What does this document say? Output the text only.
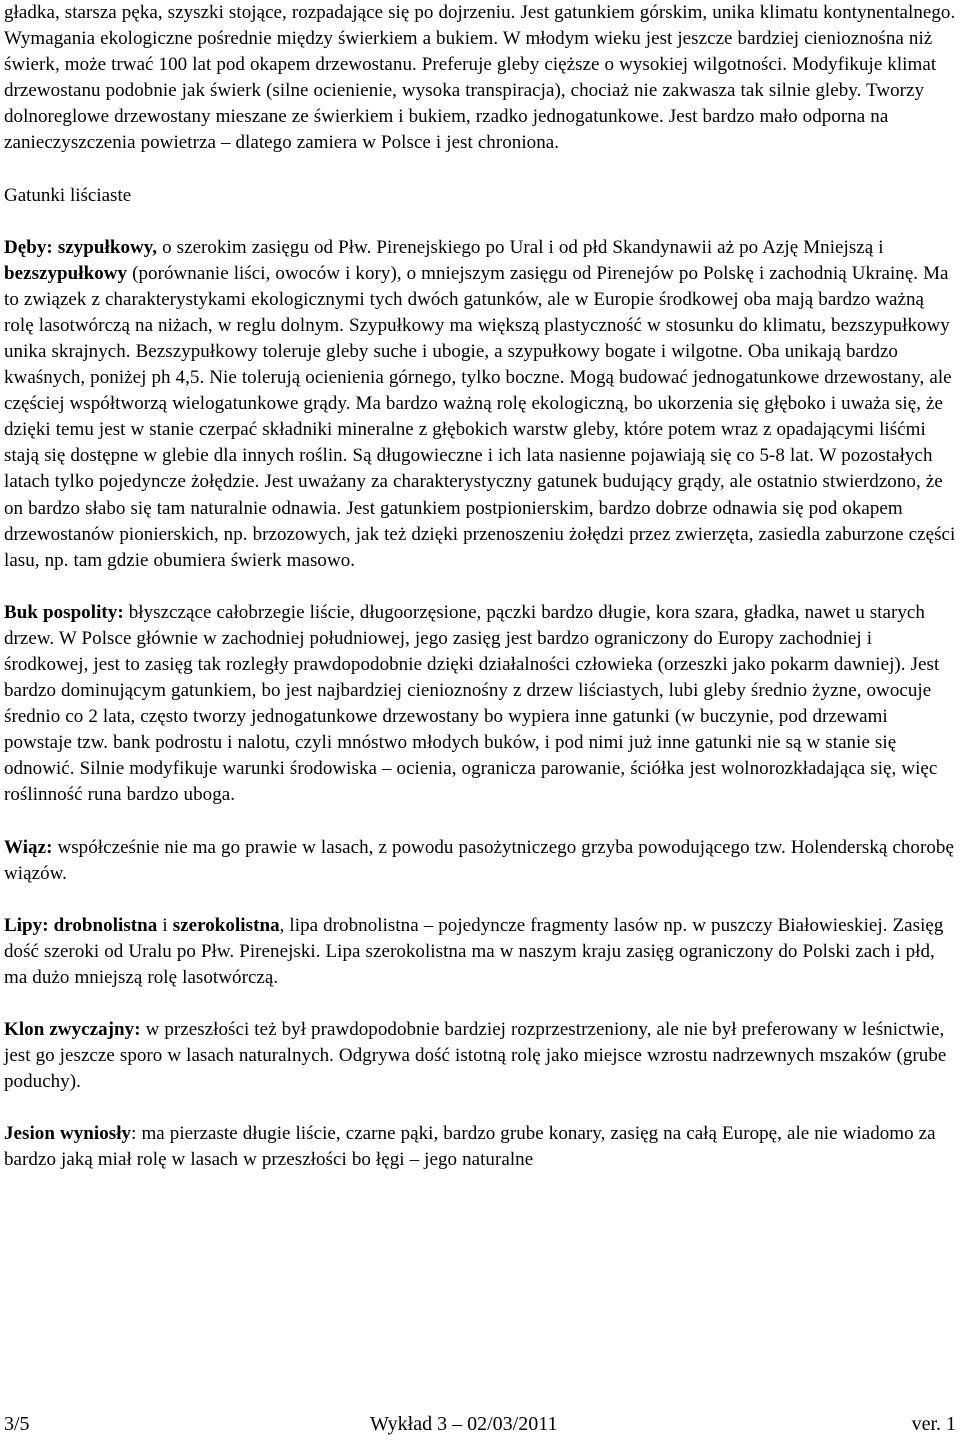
gładka, starsza pęka, szyszki stojące, rozpadające się po dojrzeniu. Jest gatunkiem górskim, unika klimatu kontynentalnego. Wymagania ekologiczne pośrednie między świerkiem a bukiem. W młodym wieku jest jeszcze bardziej cienioznośna niż świerk, może trwać 100 lat pod okapem drzewostanu. Preferuje gleby cięższe o wysokiej wilgotności. Modyfikuje klimat drzewostanu podobnie jak świerk (silne ocienienie, wysoka transpiracja), chociaż nie zakwasza tak silnie gleby. Tworzy dolnoreglowe drzewostany mieszane ze świerkiem i bukiem, rzadko jednogatunkowe. Jest bardzo mało odporna na zanieczyszczenia powietrza – dlatego zamiera w Polsce i jest chroniona.

Gatunki liściaste

Dęby: szypułkowy, o szerokim zasięgu od Płw. Pirenejskiego po Ural i od płd Skandynawii aż po Azję Mniejszą i bezszypułkowy (porównanie liści, owoców i kory), o mniejszym zasięgu od Pirenejów po Polskę i zachodnią Ukrainę. Ma to związek z charakterystykami ekologicznymi tych dwóch gatunków, ale w Europie środkowej oba mają bardzo ważną rolę lasotwórczą na niżach, w reglu dolnym. Szypułkowy ma większą plastyczność w stosunku do klimatu, bezszypułkowy unika skrajnych. Bezszypułkowy toleruje gleby suche i ubogie, a szypułkowy bogate i wilgotne. Oba unikają bardzo kwaśnych, poniżej ph 4,5. Nie tolerują ocienienia górnego, tylko boczne. Mogą budować jednogatunkowe drzewostany, ale częściej współtworzą wielogatunkowe grądy. Ma bardzo ważną rolę ekologiczną, bo ukorzenia się głęboko i uważa się, że dzięki temu jest w stanie czerpać składniki mineralne z głębokich warstw gleby, które potem wraz z opadającymi liśćmi stają się dostępne w glebie dla innych roślin. Są długowieczne i ich lata nasienne pojawiają się co 5-8 lat. W pozostałych latach tylko pojedyncze żołędzie. Jest uważany za charakterystyczny gatunek budujący grądy, ale ostatnio stwierdzono, że on bardzo słabo się tam naturalnie odnawia. Jest gatunkiem postpionierskim, bardzo dobrze odnawia się pod okapem drzewostanów pionierskich, np. brzozowych, jak też dzięki przenoszeniu żołędzi przez zwierzęta, zasiedla zaburzone części lasu, np. tam gdzie obumiera świerk masowo.

Buk pospolity: błyszczące całobrzegie liście, długoorzęsione, pączki bardzo długie, kora szara, gładka, nawet u starych drzew. W Polsce głównie w zachodniej południowej, jego zasięg jest bardzo ograniczony do Europy zachodniej i środkowej, jest to zasięg tak rozległy prawdopodobnie dzięki działalności człowieka (orzeszki jako pokarm dawniej). Jest bardzo dominującym gatunkiem, bo jest najbardziej cienioznośny z drzew liściastych, lubi gleby średnio żyzne, owocuje średnio co 2 lata, często tworzy jednogatunkowe drzewostany bo wypiera inne gatunki (w buczynie, pod drzewami powstaje tzw. bank podrostu i nalotu, czyli mnóstwo młodych buków, i pod nimi już inne gatunki nie są w stanie się odnowić. Silnie modyfikuje warunki środowiska – ocienia, ogranicza parowanie, ściółka jest wolnorozkładająca się, więc roślinność runa bardzo uboga.

Wiąz: współcześnie nie ma go prawie w lasach, z powodu pasożytniczego grzyba powodującego tzw. Holenderską chorobę wiązów.

Lipy: drobnolistna i szerokolistna, lipa drobnolistna – pojedyncze fragmenty lasów np. w puszczy Białowieskiej. Zasięg dość szeroki od Uralu po Płw. Pirenejski. Lipa szerokolistna ma w naszym kraju zasięg ograniczony do Polski zach i płd, ma dużo mniejszą rolę lasotwórczą.

Klon zwyczajny: w przeszłości też był prawdopodobnie bardziej rozprzestrzeniony, ale nie był preferowany w leśnictwie, jest go jeszcze sporo w lasach naturalnych. Odgrywa dość istotną rolę jako miejsce wzrostu nadrzewnych mszaków (grube poduchy).

Jesion wyniosły: ma pierzaste długie liście, czarne pąki, bardzo grube konary, zasięg na całą Europę, ale nie wiadomo za bardzo jaką miał rolę w lasach w przeszłości bo łęgi – jego naturalne

3/5	Wykład 3 – 02/03/2011	ver. 1
